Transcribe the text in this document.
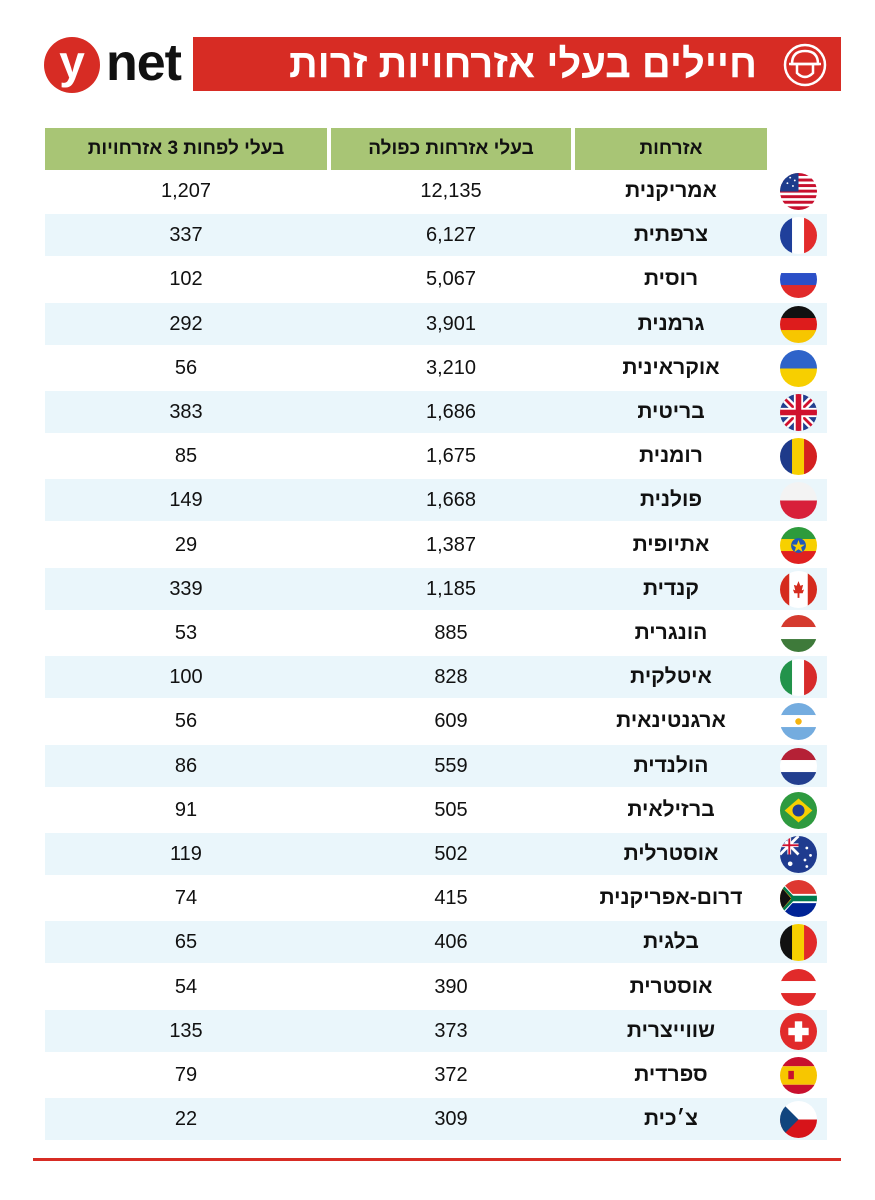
y net	חיילים בעלי אזרחויות זרות
אזרחות
בעלי אזרחות כפולה
בעלי לפחות 3 אזרחויות
אמריקנית
12,135
1,207
צרפתית
6,127
337
רוסית
5,067
102
גרמנית
3,901
292
אוקראינית
3,210
56
בריטית
1,686
383
רומנית
1,675
85
פולנית
1,668
149
אתיופית
1,387
29
קנדית
1,185
339
הונגרית
885
53
איטלקית
828
100
ארגנטינאית
609
56
הולנדית
559
86
ברזילאית
505
91
אוסטרלית
502
119
דרום-אפריקנית
415
74
בלגית
406
65
אוסטרית
390
54
שווייצרית
373
135
ספרדית
372
79
צ׳כית
309
22
